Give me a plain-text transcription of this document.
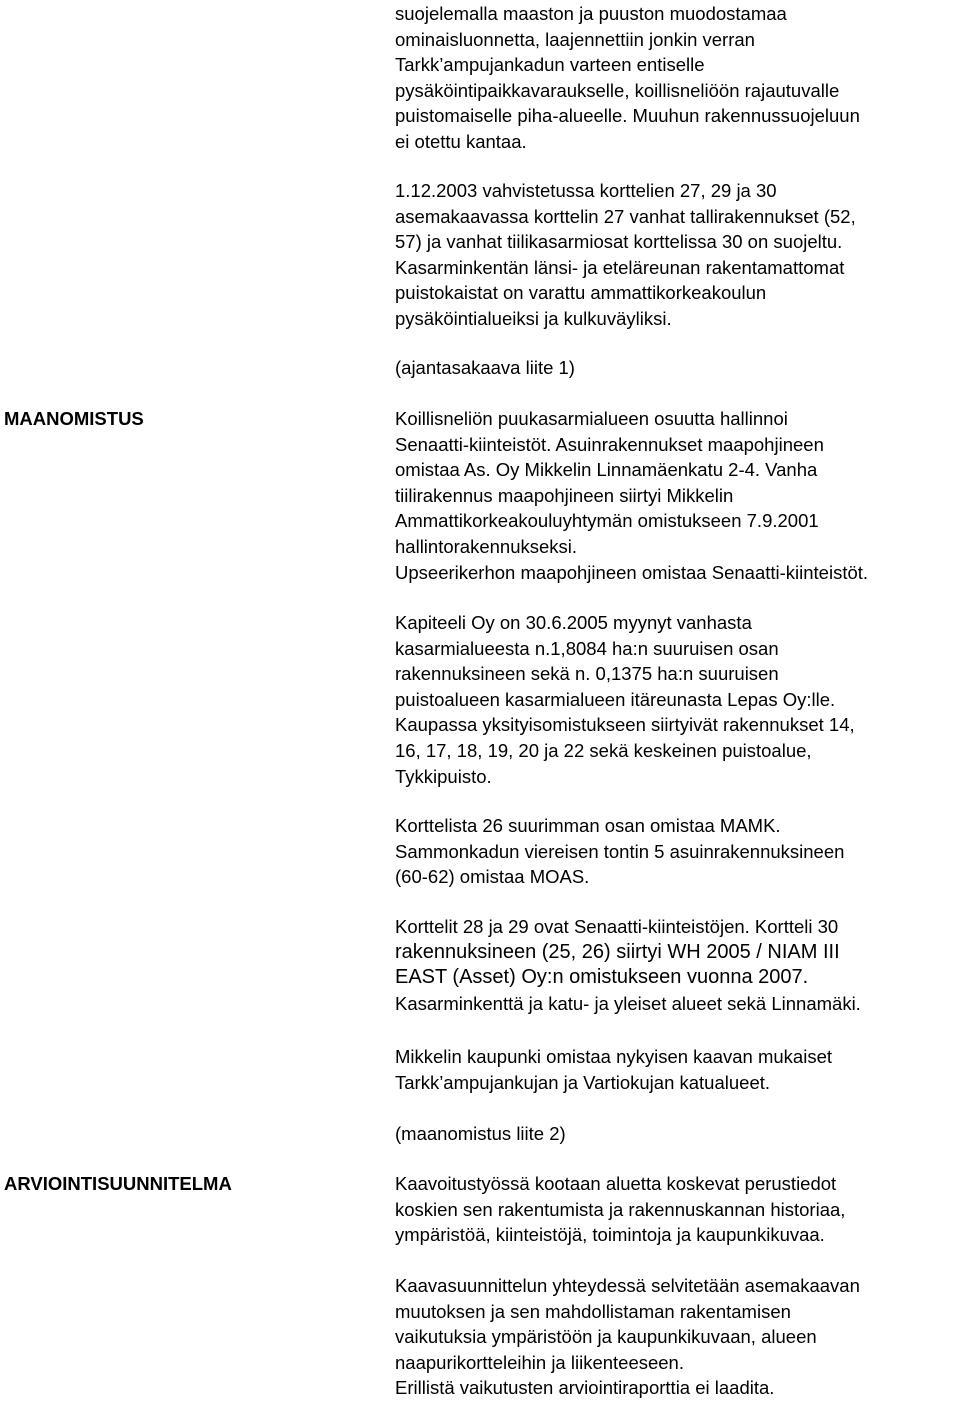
suojelemalla maaston ja puuston muodostamaa
ominaisluonnetta, laajennettiin jonkin verran
Tarkk’ampujankadun varteen entiselle
pysäköintipaikkavaraukselle, koillisneliöön rajautuvalle
puistomaiselle piha-alueelle. Muuhun rakennussuojeluun
ei otettu kantaa.

1.12.2003 vahvistetussa korttelien 27, 29 ja 30
asemakaavassa korttelin 27 vanhat tallirakennukset (52,
57) ja vanhat tiilikasarmiosat korttelissa 30 on suojeltu.
Kasarminkentän länsi- ja eteläreunan rakentamattomat
puistokaistat on varattu ammattikorkeakoulun
pysäköintialueiksi ja kulkuväyliksi.

(ajantasakaava liite 1)

MAANOMISTUS	Koillisneliön puukasarmialueen osuutta hallinnoi
Senaatti-kiinteistöt. Asuinrakennukset maapohjineen
omistaa As. Oy Mikkelin Linnamäenkatu 2-4. Vanha
tiilirakennus maapohjineen siirtyi Mikkelin
Ammattikorkeakouluyhtymän omistukseen 7.9.2001
hallintorakennukseksi.
Upseerikerhon maapohjineen omistaa Senaatti-kiinteistöt.

Kapiteeli Oy on 30.6.2005 myynyt vanhasta
kasarmialueesta n.1,8084 ha:n suuruisen osan
rakennuksineen sekä n. 0,1375 ha:n suuruisen
puistoalueen kasarmialueen itäreunasta Lepas Oy:lle.
Kaupassa yksityisomistukseen siirtyivät rakennukset 14,
16, 17, 18, 19, 20 ja 22 sekä keskeinen puistoalue,
Tykkipuisto.

Korttelista 26 suurimman osan omistaa MAMK.
Sammonkadun viereisen tontin 5 asuinrakennuksineen
(60-62) omistaa MOAS.

Korttelit 28 ja 29 ovat Senaatti-kiinteistöjen. Kortteli 30
rakennuksineen (25, 26) siirtyi WH 2005 / NIAM III
EAST (Asset) Oy:n omistukseen vuonna 2007.
Kasarminkenttä ja katu- ja yleiset alueet sekä Linnamäki.

Mikkelin kaupunki omistaa nykyisen kaavan mukaiset
Tarkk’ampujankujan ja Vartiokujan katualueet.

(maanomistus liite 2)

ARVIOINTISUUNNITELMA	Kaavoitustyössä kootaan aluetta koskevat perustiedot
koskien sen rakentumista ja rakennuskannan historiaa,
ympäristöä, kiinteistöjä, toimintoja ja kaupunkikuvaa.

Kaavasuunnittelun yhteydessä selvitetään asemakaavan
muutoksen ja sen mahdollistaman rakentamisen
vaikutuksia ympäristöön ja kaupunkikuvaan, alueen
naapurikortteleihin ja liikenteeseen.
Erillistä vaikutusten arviointiraporttia ei laadita.
